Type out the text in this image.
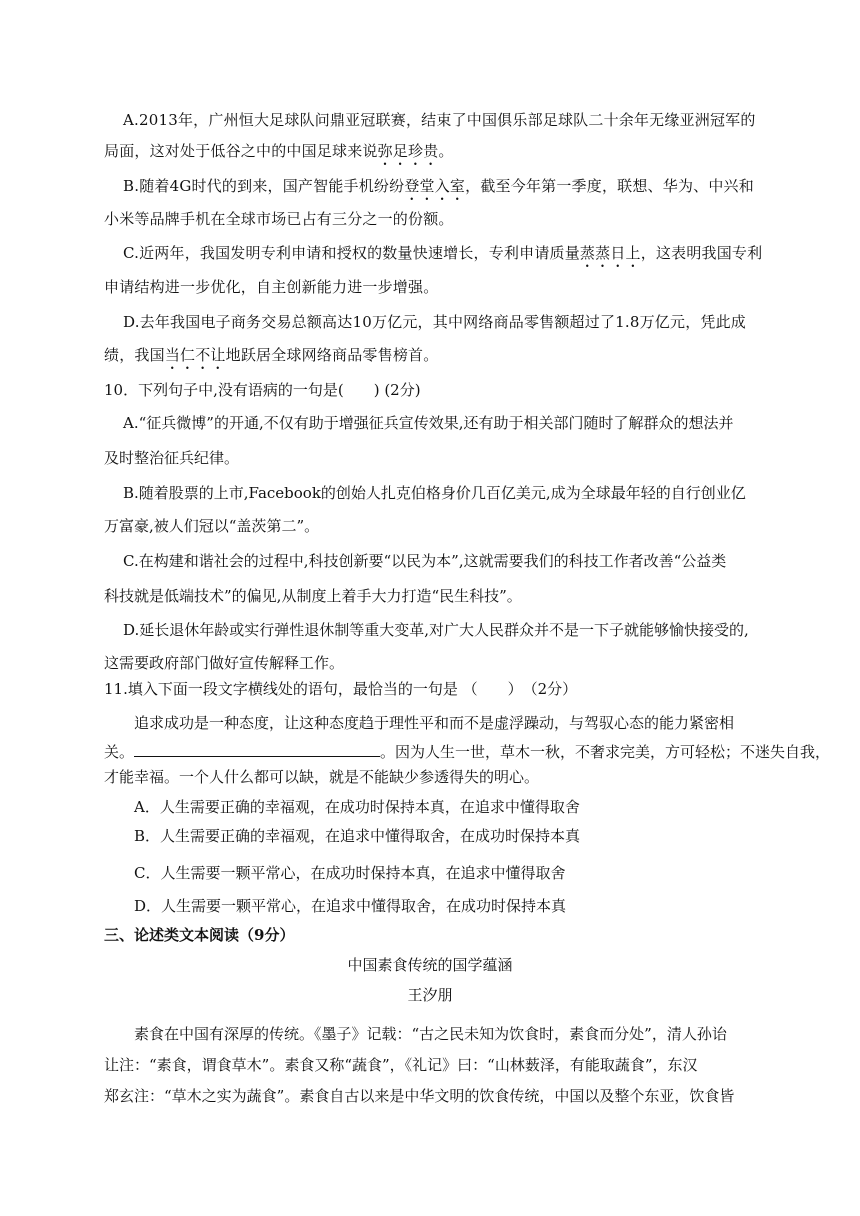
A.2013年，广州恒大足球队问鼎亚冠联赛，结束了中国俱乐部足球队二十余年无缘亚洲冠军的
局面，这对处于低谷之中的中国足球来说弥足珍贵。
B.随着4G时代的到来，国产智能手机纷纷登堂入室，截至今年第一季度，联想、华为、中兴和
小米等品牌手机在全球市场已占有三分之一的份额。
C.近两年，我国发明专利申请和授权的数量快速增长，专利申请质量蒸蒸日上，这表明我国专利
申请结构进一步优化，自主创新能力进一步增强。
D.去年我国电子商务交易总额高达10万亿元，其中网络商品零售额超过了1.8万亿元，凭此成
绩，我国当仁不让地跃居全球网络商品零售榜首。
10．下列句子中,没有语病的一句是(　　) (2分)
A.“征兵微博”的开通,不仅有助于增强征兵宣传效果,还有助于相关部门随时了解群众的想法并
及时整治征兵纪律。
B.随着股票的上市,Facebook的创始人扎克伯格身价几百亿美元,成为全球最年轻的自行创业亿
万富豪,被人们冠以“盖茨第二”。
C.在构建和谐社会的过程中,科技创新要“以民为本”,这就需要我们的科技工作者改善“公益类
科技就是低端技术”的偏见,从制度上着手大力打造“民生科技”。
D.延长退休年龄或实行弹性退休制等重大变革,对广大人民群众并不是一下子就能够愉快接受的,
这需要政府部门做好宣传解释工作。
11.填入下面一段文字横线处的语句，最恰当的一句是 （　　）　（2分）
追求成功是一种态度，让这种态度趋于理性平和而不是虚浮躁动，与驾驭心态的能力紧密相
关。	。因为人生一世，草木一秋，不奢求完美，方可轻松；不迷失自我，
才能幸福。一个人什么都可以缺，就是不能缺少参透得失的明心。
A．人生需要正确的幸福观，在成功时保持本真，在追求中懂得取舍
B．人生需要正确的幸福观，在追求中懂得取舍，在成功时保持本真
C．人生需要一颗平常心，在成功时保持本真，在追求中懂得取舍
D．人生需要一颗平常心，在追求中懂得取舍，在成功时保持本真
三、论述类文本阅读（9分）
中国素食传统的国学蕴涵
王汐朋
素食在中国有深厚的传统。《墨子》记载：“古之民未知为饮食时，素食而分处”，清人孙诒
让注：“素食，谓食草木”。素食又称“蔬食”，《礼记》曰：“山林薮泽，有能取蔬食”，东汉
郑玄注：“草木之实为蔬食”。素食自古以来是中华文明的饮食传统，中国以及整个东亚，饮食皆
